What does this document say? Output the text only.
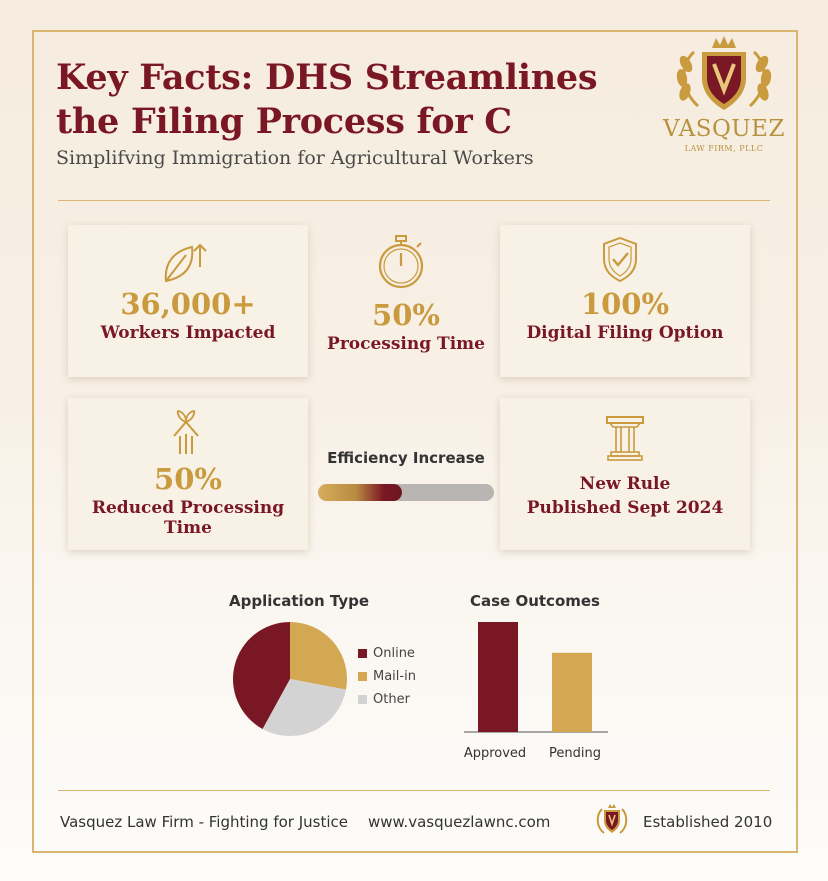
Key Facts: DHS Streamlines
the Filing Process for C
Simplifving Immigration for Agricultural Workers
VASQUEZ
LAW FIRM, PLLC
36,000+
Workers Impacted
50%
Processing Time
100%
Digital Filing Option
50%
Reduced Processing Time
Efficiency Increase
New Rule
Published Sept 2024
Application Type
Online
Mail-in
Other
Case Outcomes
Approved Pending
Vasquez Law Firm - Fighting for Justice www.vasquezlawnc.com	Established 2010
